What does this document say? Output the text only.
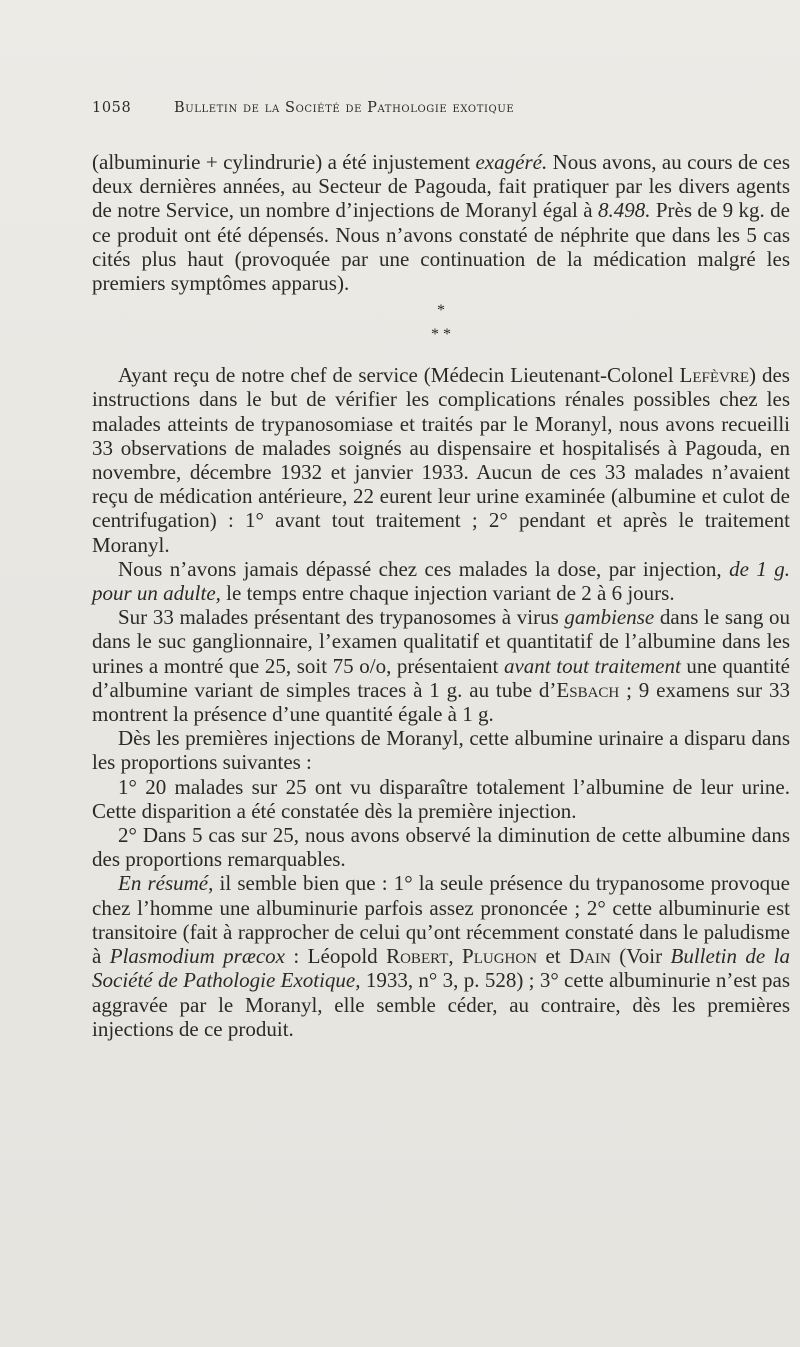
1058	Bulletin de la Société de Pathologie exotique

(albuminurie + cylindrurie) a été injustement exagéré. Nous avons, au cours de ces deux dernières années, au Secteur de Pagouda, fait pratiquer par les divers agents de notre Service, un nombre d’injections de Moranyl égal à 8.498. Près de 9 kg. de ce produit ont été dépensés. Nous n’avons constaté de néphrite que dans les 5 cas cités plus haut (provoquée par une continuation de la médication malgré les premiers symptômes apparus).

*
* *

Ayant reçu de notre chef de service (Médecin Lieutenant-Colonel Lefèvre) des instructions dans le but de vérifier les complications rénales possibles chez les malades atteints de trypanosomiase et traités par le Moranyl, nous avons recueilli 33 observations de malades soignés au dispensaire et hospitalisés à Pagouda, en novembre, décembre 1932 et janvier 1933. Aucun de ces 33 malades n’avaient reçu de médication antérieure, 22 eurent leur urine examinée (albumine et culot de centrifugation) : 1° avant tout traitement ; 2° pendant et après le traitement Moranyl.

Nous n’avons jamais dépassé chez ces malades la dose, par injection, de 1 g. pour un adulte, le temps entre chaque injection variant de 2 à 6 jours.

Sur 33 malades présentant des trypanosomes à virus gambiense dans le sang ou dans le suc ganglionnaire, l’examen qualitatif et quantitatif de l’albumine dans les urines a montré que 25, soit 75 o/o, présentaient avant tout traitement une quantité d’albumine variant de simples traces à 1 g. au tube d’Esbach ; 9 examens sur 33 montrent la présence d’une quantité égale à 1 g.

Dès les premières injections de Moranyl, cette albumine urinaire a disparu dans les proportions suivantes :

1° 20 malades sur 25 ont vu disparaître totalement l’albumine de leur urine. Cette disparition a été constatée dès la première injection.

2° Dans 5 cas sur 25, nous avons observé la diminution de cette albumine dans des proportions remarquables.

En résumé, il semble bien que : 1° la seule présence du trypanosome provoque chez l’homme une albuminurie parfois assez prononcée ; 2° cette albuminurie est transitoire (fait à rapprocher de celui qu’ont récemment constaté dans le paludisme à Plasmodium præcox : Léopold Robert, Plughon et Dain (Voir Bulletin de la Société de Pathologie Exotique, 1933, n° 3, p. 528) ; 3° cette albuminurie n’est pas aggravée par le Moranyl, elle semble céder, au contraire, dès les premières injections de ce produit.
